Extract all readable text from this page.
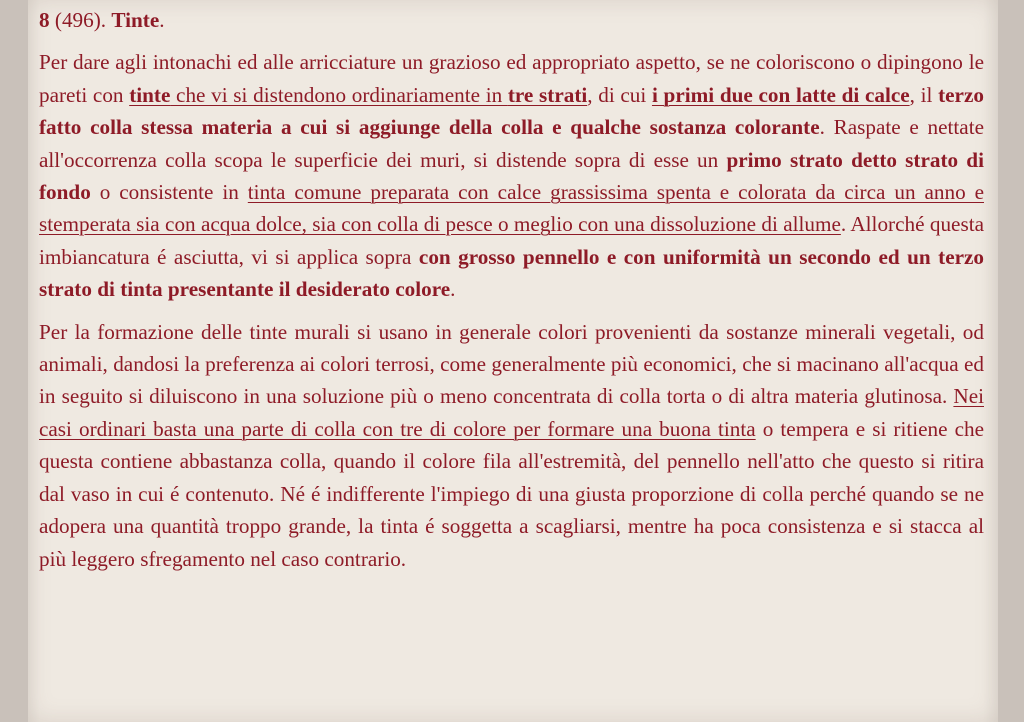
8 (496). Tinte.

Per dare agli intonachi ed alle arricciature un grazioso ed appropriato aspetto, se ne coloriscono o dipingono le pareti con tinte che vi si distendono ordinariamente in tre strati, di cui i primi due con latte di calce, il terzo fatto colla stessa materia a cui si aggiunge della colla e qualche sostanza colorante. Raspate e nettate all'occorrenza colla scopa le superficie dei muri, si distende sopra di esse un primo strato detto strato di fondo o consistente in tinta comune preparata con calce grassissima spenta e colorata da circa un anno e stemperata sia con acqua dolce, sia con colla di pesce o meglio con una dissoluzione di allume. Allorché questa imbiancatura é asciutta, vi si applica sopra con grosso pennello e con uniformità un secondo ed un terzo strato di tinta presentante il desiderato colore.

Per la formazione delle tinte murali si usano in generale colori provenienti da sostanze minerali vegetali, od animali, dandosi la preferenza ai colori terrosi, come generalmente più economici, che si macinano all'acqua ed in seguito si diluiscono in una soluzione più o meno concentrata di colla torta o di altra materia glutinosa. Nei casi ordinari basta una parte di colla con tre di colore per formare una buona tinta o tempera e si ritiene che questa contiene abbastanza colla, quando il colore fila all'estremità, del pennello nell'atto che questo si ritira dal vaso in cui é contenuto. Né é indifferente l'impiego di una giusta proporzione di colla perché quando se ne adopera una quantità troppo grande, la tinta é soggetta a scagliarsi, mentre ha poca consistenza e si stacca al più leggero sfregamento nel caso contrario.
